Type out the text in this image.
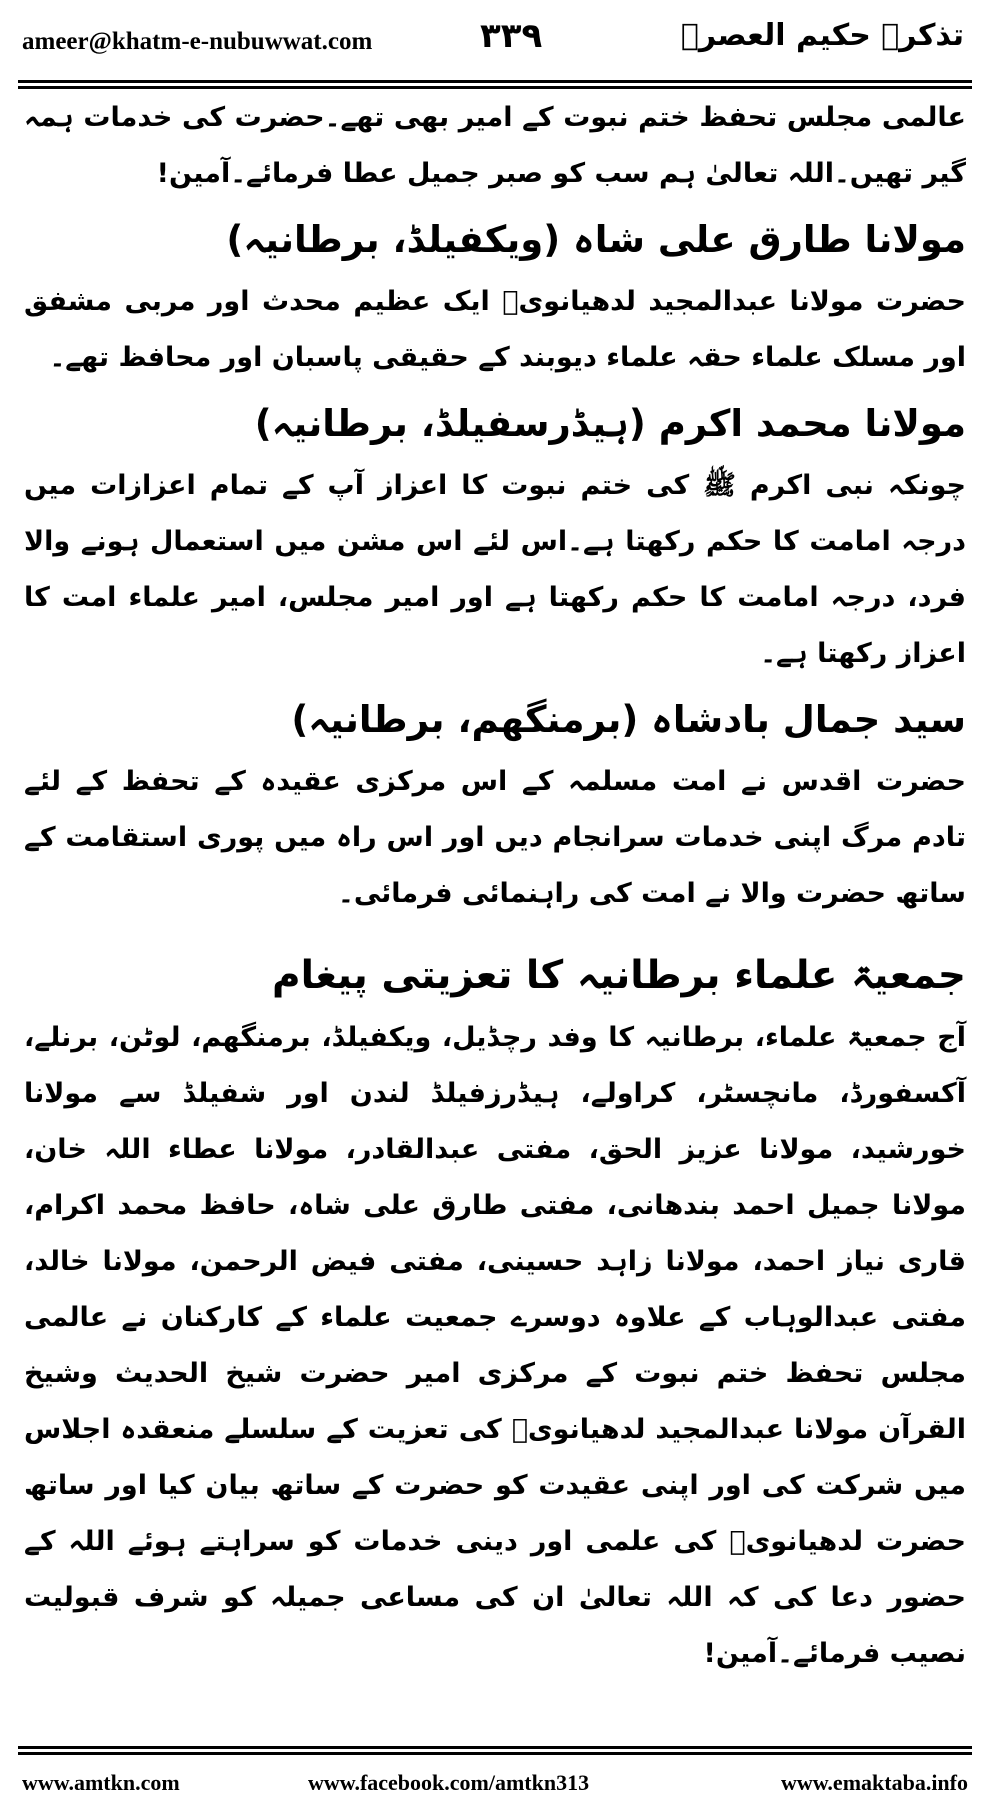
ameer@khatm-e-nubuwwat.com	۳۳۹	تذکرہ حکیم العصرؒ

عالمی مجلس تحفظ ختم نبوت کے امیر بھی تھے۔حضرت کی خدمات ہمہ گیر تھیں۔اللہ تعالیٰ ہم سب کو صبر جمیل عطا فرمائے۔آمین!

مولانا طارق علی شاہ (ویکفیلڈ، برطانیہ)

حضرت مولانا عبدالمجید لدھیانویؒ ایک عظیم محدث اور مربی مشفق اور مسلک علماء حقہ علماء دیوبند کے حقیقی پاسبان اور محافظ تھے۔

مولانا محمد اکرم (ہیڈرسفیلڈ، برطانیہ)

چونکہ نبی اکرم ﷺ کی ختم نبوت کا اعزاز آپ کے تمام اعزازات میں درجہ امامت کا حکم رکھتا ہے۔اس لئے اس مشن میں استعمال ہونے والا فرد، درجہ امامت کا حکم رکھتا ہے اور امیر مجلس، امیر علماء امت کا اعزاز رکھتا ہے۔

سید جمال بادشاہ (برمنگھم، برطانیہ)

حضرت اقدس نے امت مسلمہ کے اس مرکزی عقیدہ کے تحفظ کے لئے تادم مرگ اپنی خدمات سرانجام دیں اور اس راہ میں پوری استقامت کے ساتھ حضرت والا نے امت کی راہنمائی فرمائی۔

جمعیۃ علماء برطانیہ کا تعزیتی پیغام

آج جمعیۃ علماء، برطانیہ کا وفد رچڈیل، ویکفیلڈ، برمنگھم، لوٹن، برنلے، آکسفورڈ، مانچسٹر، کراولے، ہیڈرزفیلڈ لندن اور شفیلڈ سے مولانا خورشید، مولانا عزیز الحق، مفتی عبدالقادر، مولانا عطاء اللہ خان، مولانا جمیل احمد بندھانی، مفتی طارق علی شاہ، حافظ محمد اکرام، قاری نیاز احمد، مولانا زاہد حسینی، مفتی فیض الرحمن، مولانا خالد، مفتی عبدالوہاب کے علاوہ دوسرے جمعیت علماء کے کارکنان نے عالمی مجلس تحفظ ختم نبوت کے مرکزی امیر حضرت شیخ الحدیث وشیخ القرآن مولانا عبدالمجید لدھیانویؒ کی تعزیت کے سلسلے منعقدہ اجلاس میں شرکت کی اور اپنی عقیدت کو حضرت کے ساتھ بیان کیا اور ساتھ حضرت لدھیانویؒ کی علمی اور دینی خدمات کو سراہتے ہوئے اللہ کے حضور دعا کی کہ اللہ تعالیٰ ان کی مساعی جمیلہ کو شرف قبولیت نصیب فرمائے۔آمین!

www.amtkn.com	www.facebook.com/amtkn313	www.emaktaba.info
